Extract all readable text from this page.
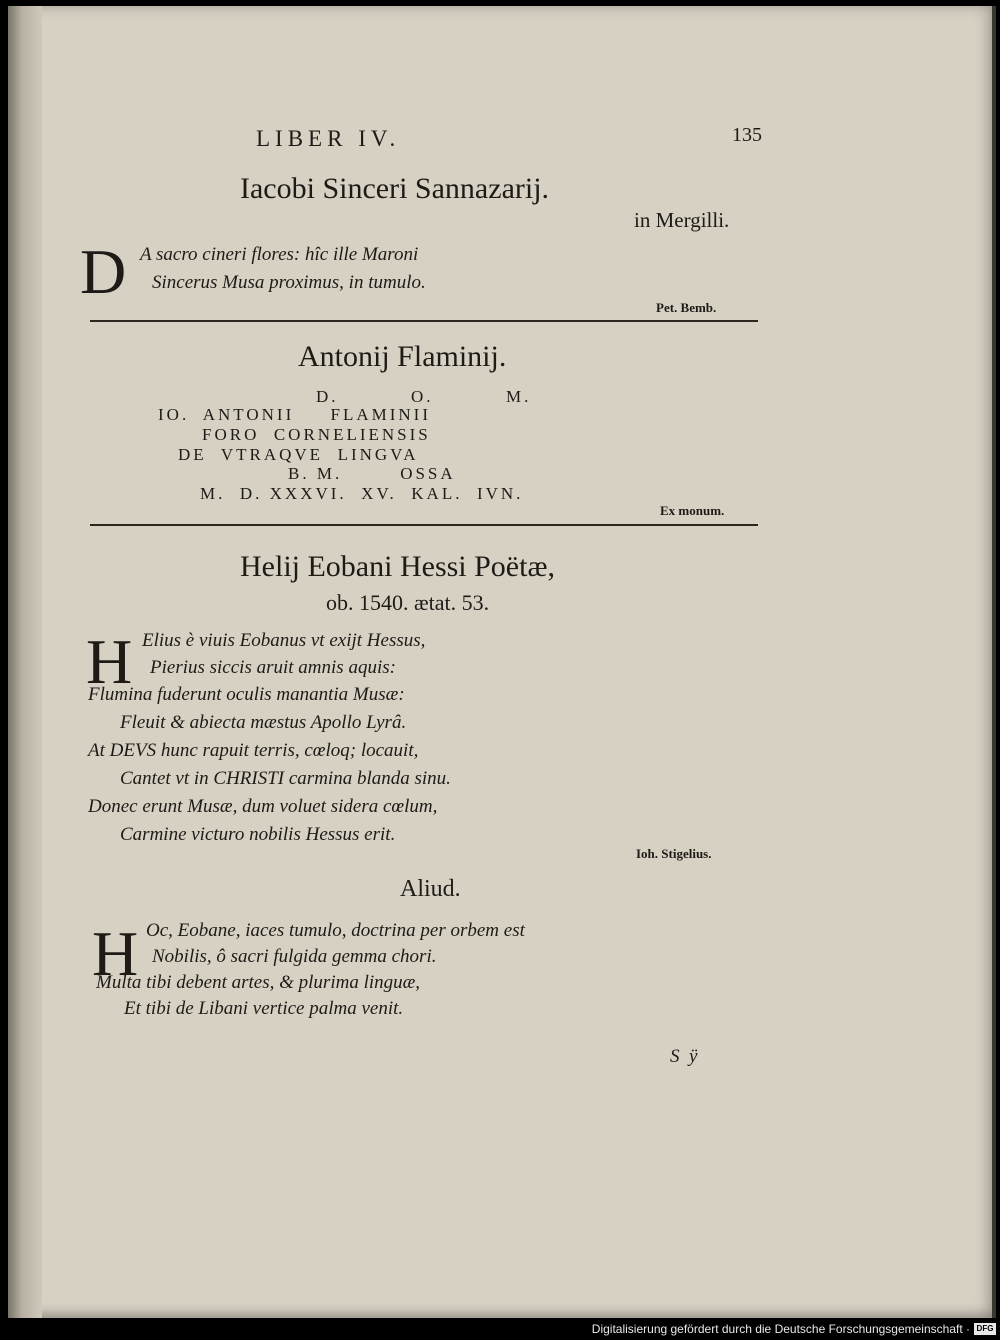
LIBER IV.	135
Iacobi Sinceri Sannazarij.
in Mergilli.
D A sacro cineri flores: hîc ille Maroni
Sincerus Musa proximus, in tumulo.
Pet. Bemb.
Antonij Flaminij.
D.          O.          M.
IO.  ANTONII     FLAMINII
FORO  CORNELIENSIS
DE  VTRAQVE  LINGVA
B. M.        OSSA
M.  D. XXXVI.  XV.  KAL.  IVN.
Ex monum.
Helij Eobani Hessi Poëtæ,
ob. 1540. ætat. 53.
H Elius è viuis Eobanus vt exijt Hessus,
Pierius siccis aruit amnis aquis:
Flumina fuderunt oculis manantia Musæ:
Fleuit & abiecta mæstus Apollo Lyrâ.
At DEVS hunc rapuit terris, cœloq; locauit,
Cantet vt in CHRISTI carmina blanda sinu.
Donec erunt Musæ, dum voluet sidera cœlum,
Carmine victuro nobilis Hessus erit.
Ioh. Stigelius.
Aliud.
H Oc, Eobane, iaces tumulo, doctrina per orbem est
Nobilis, ô sacri fulgida gemma chori.
Multa tibi debent artes, & plurima linguæ,
Et tibi de Libani vertice palma venit.
S  ÿ
Digitalisierung gefördert durch die Deutsche Forschungsgemeinschaft · DFG
